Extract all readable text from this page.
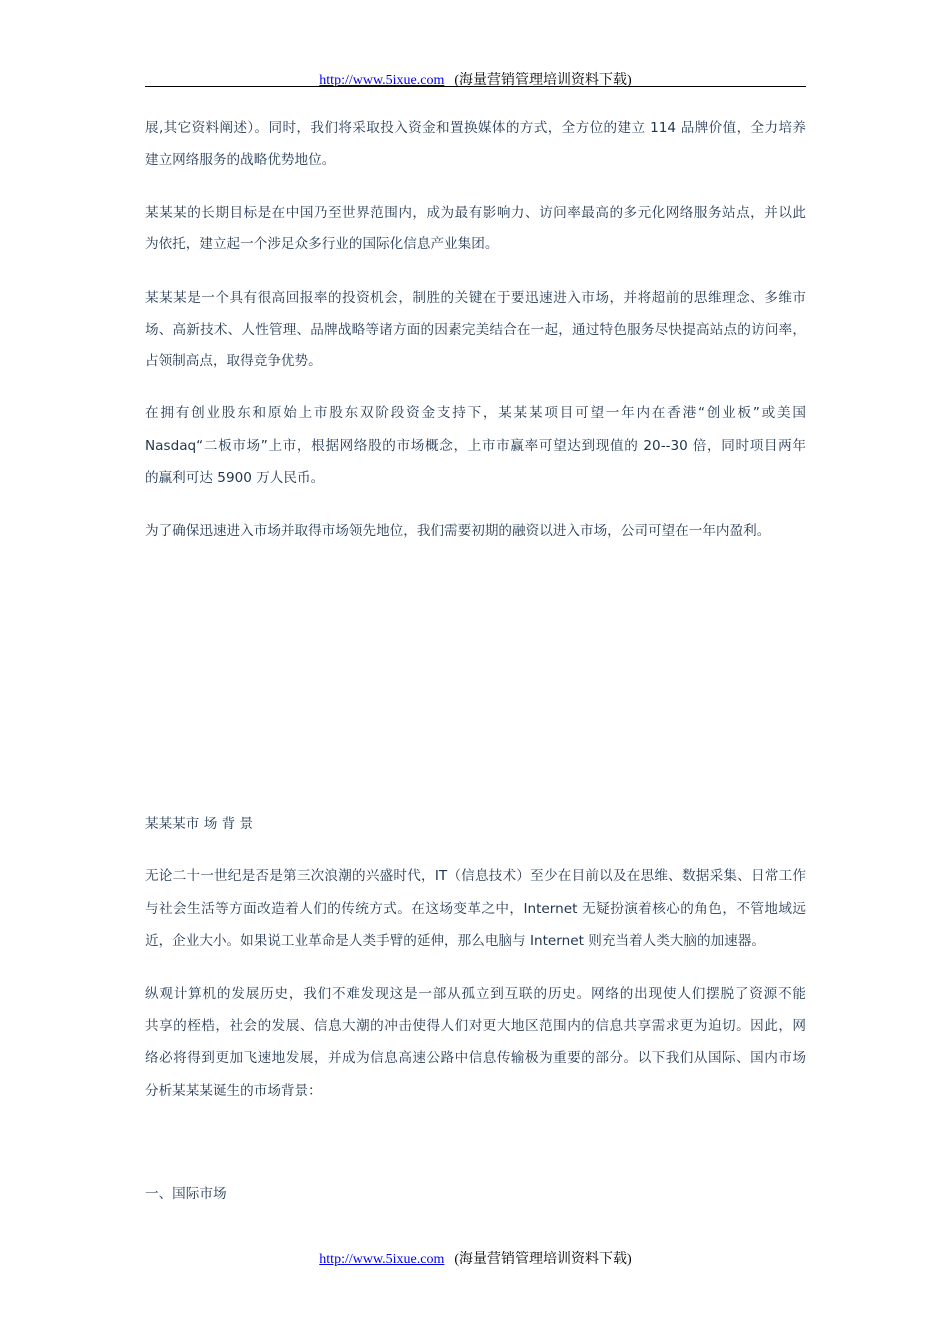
http://www.5ixue.com (海量营销管理培训资料下载)
展,其它资料阐述）。同时，我们将采取投入资金和置换媒体的方式，全方位的建立 114 品牌价值，全力培养
建立网络服务的战略优势地位。
某某某的长期目标是在中国乃至世界范围内，成为最有影响力、访问率最高的多元化网络服务站点，并以此
为依托，建立起一个涉足众多行业的国际化信息产业集团。
某某某是一个具有很高回报率的投资机会，制胜的关键在于要迅速进入市场，并将超前的思维理念、多维市
场、高新技术、人性管理、品牌战略等诸方面的因素完美结合在一起，通过特色服务尽快提高站点的访问率，
占领制高点，取得竞争优势。
在拥有创业股东和原始上市股东双阶段资金支持下，某某某项目可望一年内在香港“创业板”或美国
Nasdaq“二板市场”上市，根据网络股的市场概念，上市市赢率可望达到现值的 20--30 倍，同时项目两年
的赢利可达 5900 万人民币。
为了确保迅速进入市场并取得市场领先地位，我们需要初期的融资以进入市场，公司可望在一年内盈利。
某某某市 场 背 景
无论二十一世纪是否是第三次浪潮的兴盛时代，IT（信息技术）至少在目前以及在思维、数据采集、日常工作
与社会生活等方面改造着人们的传统方式。在这场变革之中，Internet 无疑扮演着核心的角色，不管地域远
近，企业大小。如果说工业革命是人类手臂的延伸，那么电脑与 Internet 则充当着人类大脑的加速器。
纵观计算机的发展历史，我们不难发现这是一部从孤立到互联的历史。网络的出现使人们摆脱了资源不能
共享的桎梏，社会的发展、信息大潮的冲击使得人们对更大地区范围内的信息共享需求更为迫切。因此，网
络必将得到更加飞速地发展，并成为信息高速公路中信息传输极为重要的部分。以下我们从国际、国内市场
分析某某某诞生的市场背景：
一、国际市场
http://www.5ixue.com (海量营销管理培训资料下载)
